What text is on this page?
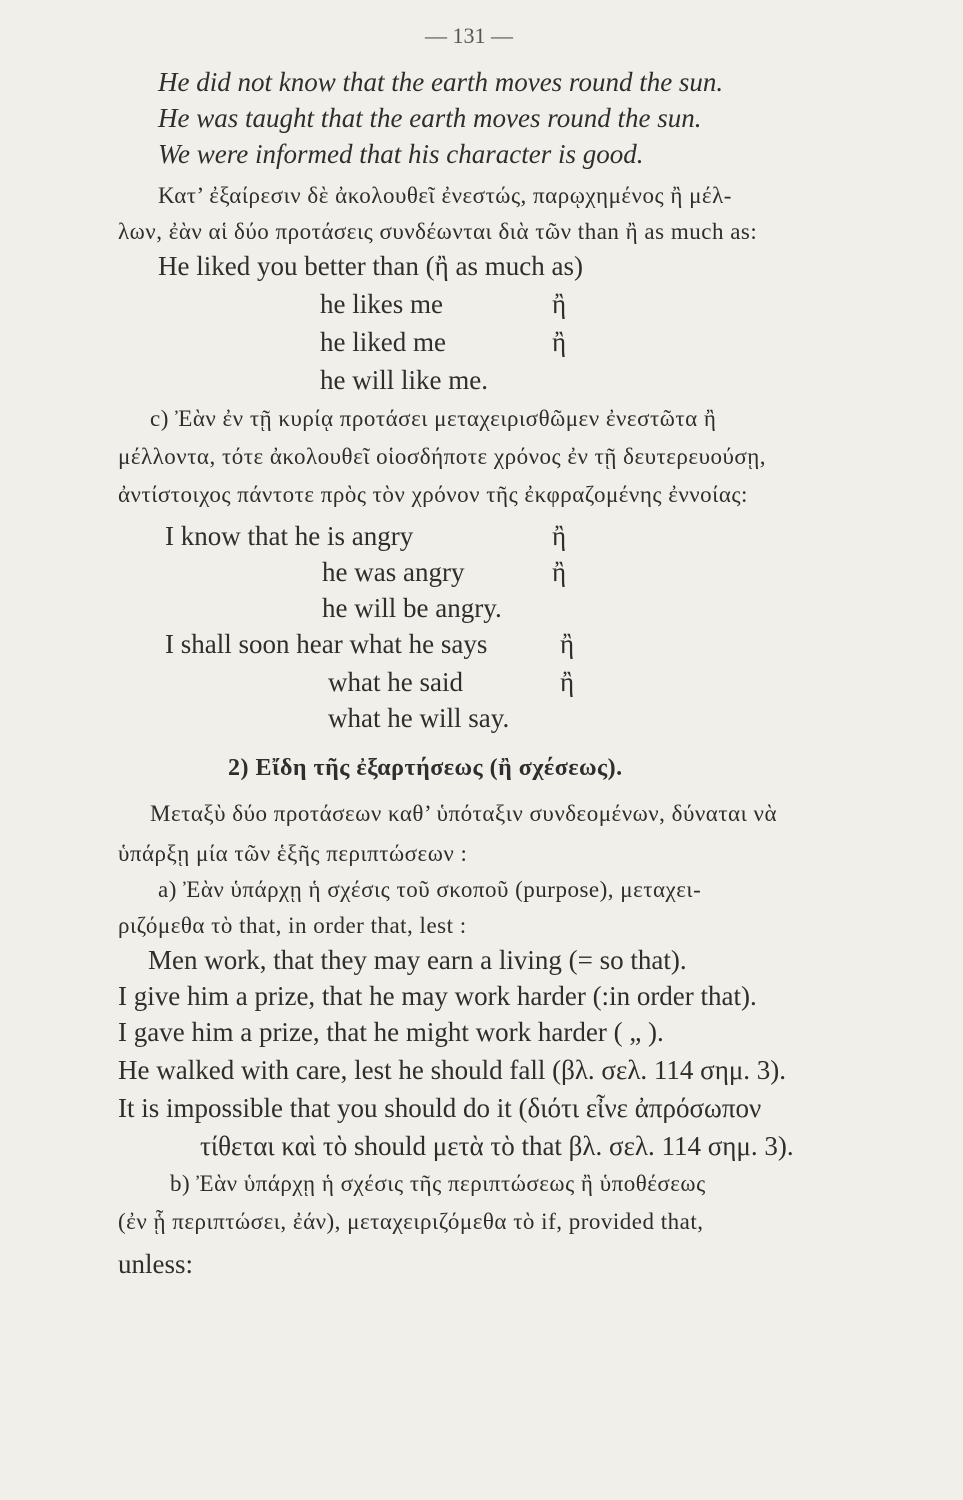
— 131 —
He did not know that the earth moves round the sun.
He was taught that the earth moves round the sun.
We were informed that his character is good.
Κατ’ ἐξαίρεσιν δὲ ἀκολουθεῖ ἐνεστώς, παρῳχημένος ἢ μέλ-
λων, ἐὰν αἱ δύο προτάσεις συνδέωνται διὰ τῶν than ἢ as much as:
He liked you better than (ἢ as much as)
he likes me	ἢ
he liked me	ἢ
he will like me.
c) Ἐὰν ἐν τῇ κυρίᾳ προτάσει μεταχειρισθῶμεν ἐνεστῶτα ἢ
μέλλοντα, τότε ἀκολουθεῖ οἱοσδήποτε χρόνος ἐν τῇ δευτερευούσῃ,
ἀντίστοιχος πάντοτε πρὸς τὸν χρόνον τῆς ἐκφραζομένης ἐννοίας:
I know that he is angry	ἢ
he was angry	ἢ
he will be angry.
I shall soon hear what he says	ἢ
what he said	ἢ
what he will say.
2) Εἴδη τῆς ἐξαρτήσεως (ἢ σχέσεως).
Μεταξὺ δύο προτάσεων καθ’ ὑπόταξιν συνδεομένων, δύναται νὰ
ὑπάρξῃ μία τῶν ἑξῆς περιπτώσεων :
a) Ἐὰν ὑπάρχῃ ἡ σχέσις τοῦ σκοποῦ (purpose), μεταχει-
ριζόμεθα τὸ that, in order that, lest :
Men work, that they may earn a living (= so that).
I give him a prize, that he may work harder (:in order that).
I gave him a prize, that he might work harder ( „ ).
He walked with care, lest he should fall (βλ. σελ. 114 σημ. 3).
It is impossible that you should do it (διότι εἶνε ἀπρόσωπον
τίθεται καὶ τὸ should μετὰ τὸ that βλ. σελ. 114 σημ. 3).
b) Ἐὰν ὑπάρχῃ ἡ σχέσις τῆς περιπτώσεως ἢ ὑποθέσεως
(ἐν ᾗ περιπτώσει, ἐάν), μεταχειριζόμεθα τὸ if, provided that,
unless:
